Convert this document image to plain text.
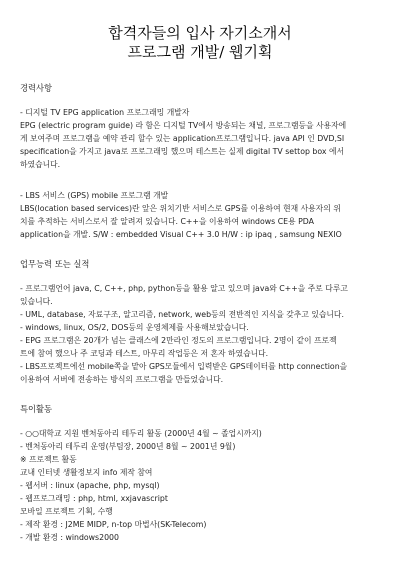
합격자들의 입사 자기소개서
프로그램 개발/ 웹기획
경력사항
- 디지털 TV EPG application 프로그래밍 개발자
EPG (electric program guide) 라 함은 디지털 TV에서 방송되는 채널, 프로그램등을 사용자에
게 보여주며 프로그램을 예약 관리 할수 있는 application프로그램입니다. java API 인 DVD,SI
specification을 가지고 java로 프로그래밍 했으며 테스트는 실제 digital TV settop box 에서
하였습니다.
- LBS 서비스 (GPS) mobile 프로그램 개발
LBS(location based services)란 앞은 위치기반 서비스로 GPS를 이용하여 현재 사용자의 위
치를 추적하는 서비스로서 잘 알려져 있습니다. C++을 이용하여 windows CE용 PDA
application을 개발. S/W : embedded Visual C++ 3.0 H/W : ip ipaq , samsung NEXIO
업무능력 또는 실적
- 프로그램언어 java, C, C++, php, python등을 활용 알고 있으며 java와 C++을 주로 다루고
있습니다.
- UML, database, 자료구조, 알고리즘, network, web등의 전반적인 지식을 갖추고 있습니다.
- windows, linux, OS/2, DOS등의 운영체제를 사용해보았습니다.
- EPG 프로그램은 20개가 넘는 클래스에 2만라인 정도의 프로그램입니다. 2명이 같이 프로젝
트에 참여 했으나 주 코딩과 테스트, 마무리 작업등은 저 혼자 하였습니다.
- LBS프로젝트에선 mobile쪽을 맡아 GPS모듈에서 입력받은 GPS데이터를 http connection을
이용하여 서버에 전송하는 방식의 프로그램을 만들었습니다.
특이활동
- ○○대학교 지원 벤처동아리 테두리 활동 (2000년 4월 ~ 졸업시까지)
- 벤처동아리 테두리 운영(부팀장, 2000년 8월 ~ 2001년 9월)
※ 프로젝트 활동
교내 인터넷 생활정보지 info 제작 참여
- 웹서버 : linux (apache, php, mysql)
- 웹프로그래밍 : php, html, xxjavascript
모바일 프로젝트 기획, 수행
- 제작 환경 : J2ME MIDP, n-top 마법사(SK-Telecom)
- 개발 환경 : windows2000
